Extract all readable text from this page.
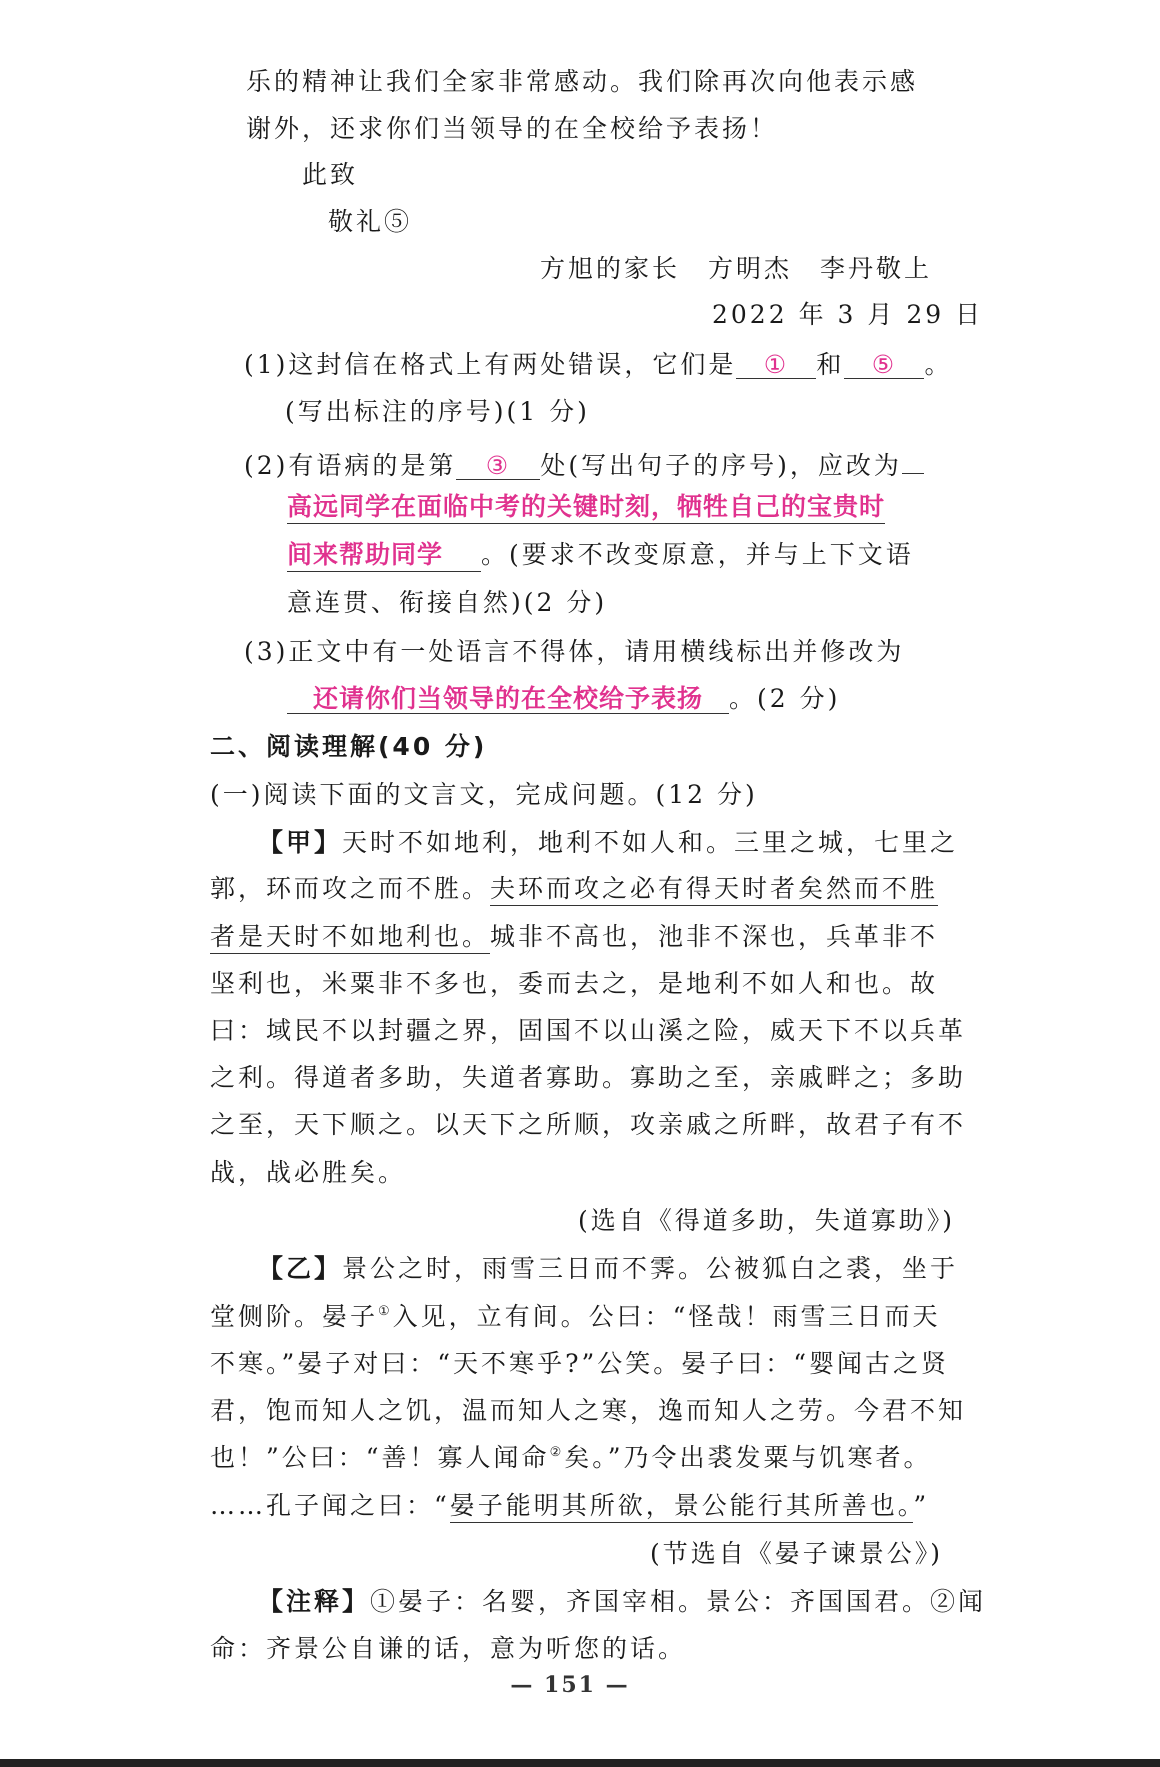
乐的精神让我们全家非常感动。我们除再次向他表示感
谢外，还求你们当领导的在全校给予表扬！
此致
敬礼⑤
方旭的家长　方明杰　李丹敬上
2022 年 3 月 29 日
(1)这封信在格式上有两处错误，它们是 ① 和 ⑤ 。
(写出标注的序号)(1 分)
(2)有语病的是第 ③ 处(写出句子的序号)，应改为
高远同学在面临中考的关键时刻，牺牲自己的宝贵时
间来帮助同学 。(要求不改变原意，并与上下文语
意连贯、衔接自然)(2 分)
(3)正文中有一处语言不得体，请用横线标出并修改为
还请你们当领导的在全校给予表扬 。(2 分)
二、阅读理解(40 分)
(一)阅读下面的文言文，完成问题。(12 分)
【甲】天时不如地利，地利不如人和。三里之城，七里之
郭，环而攻之而不胜。夫环而攻之必有得天时者矣然而不胜
者是天时不如地利也。城非不高也，池非不深也，兵革非不
坚利也，米粟非不多也，委而去之，是地利不如人和也。故
曰：域民不以封疆之界，固国不以山溪之险，威天下不以兵革
之利。得道者多助，失道者寡助。寡助之至，亲戚畔之；多助
之至，天下顺之。以天下之所顺，攻亲戚之所畔，故君子有不
战，战必胜矣。
(选自《得道多助，失道寡助》)
【乙】景公之时，雨雪三日而不霁。公被狐白之裘，坐于
堂侧阶。晏子①入见，立有间。公曰：“怪哉！雨雪三日而天
不寒。”晏子对曰：“天不寒乎?”公笑。晏子曰：“婴闻古之贤
君，饱而知人之饥，温而知人之寒，逸而知人之劳。今君不知
也！”公曰：“善！寡人闻命②矣。”乃令出裘发粟与饥寒者。
……孔子闻之曰：“晏子能明其所欲，景公能行其所善也。”
(节选自《晏子谏景公》)
【注释】①晏子：名婴，齐国宰相。景公：齐国国君。②闻
命：齐景公自谦的话，意为听您的话。
— 151 —
